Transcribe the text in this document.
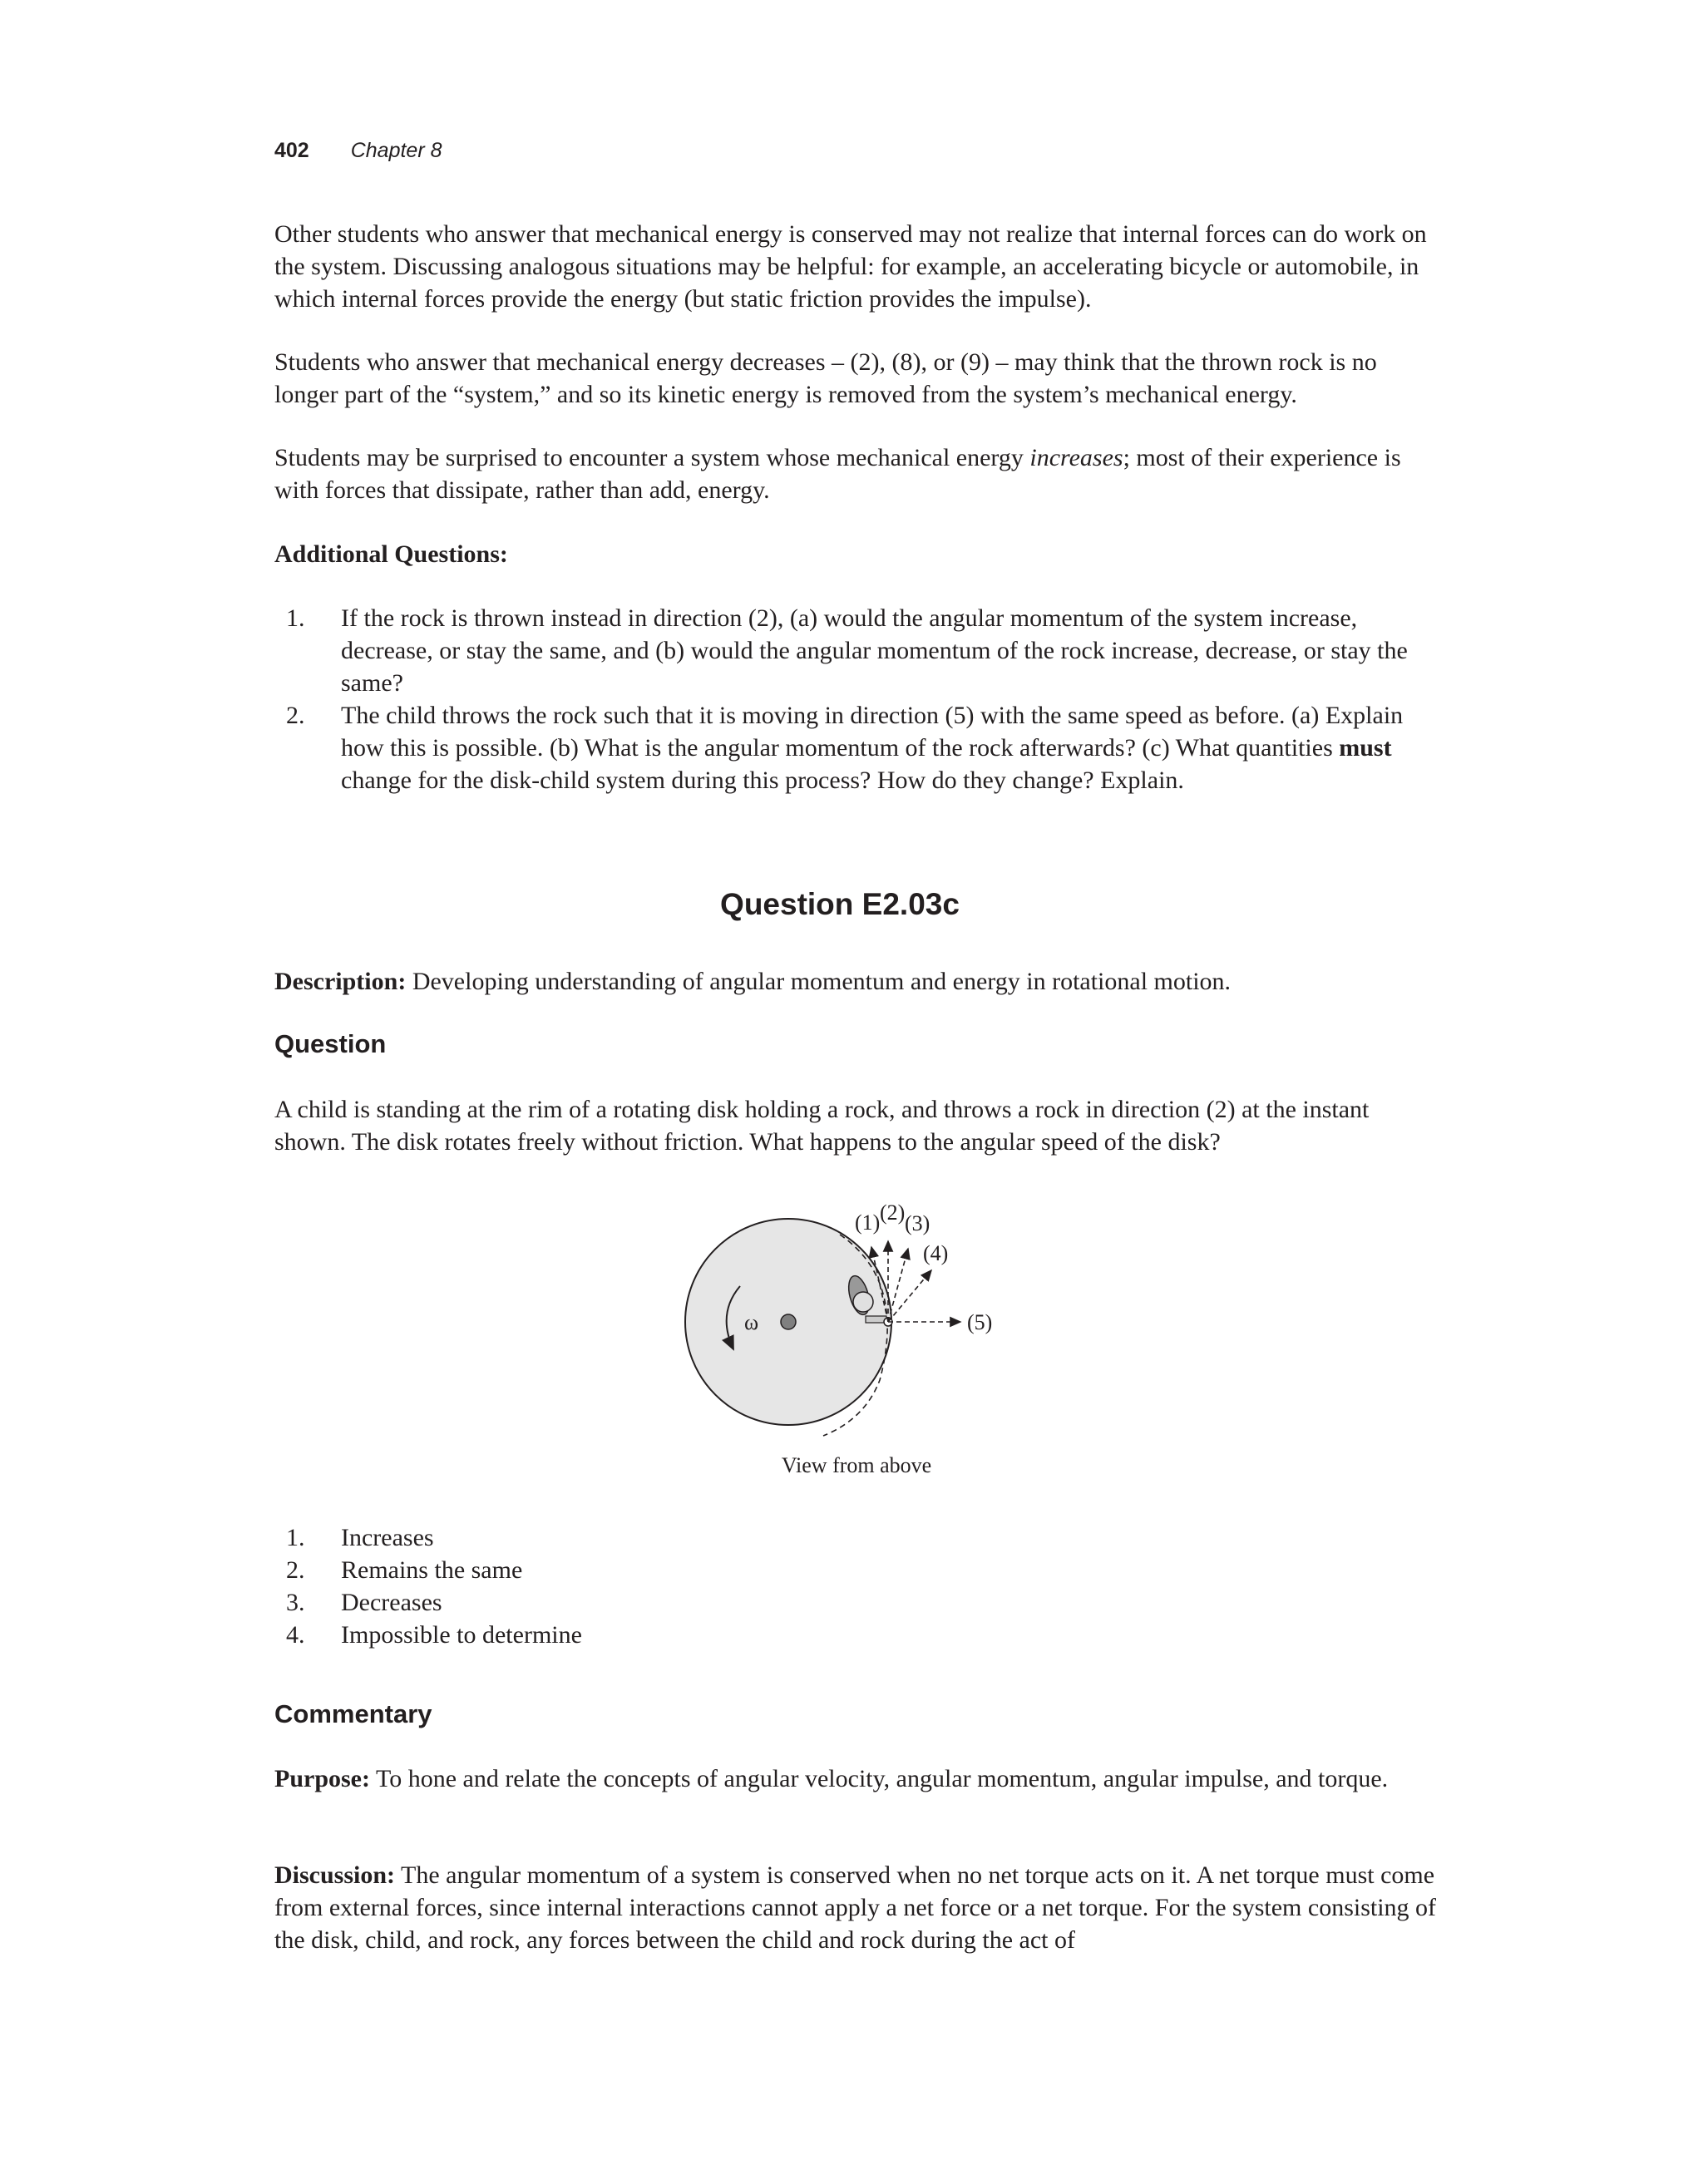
402 Chapter 8

Other students who answer that mechanical energy is conserved may not realize that internal forces can do work on the system. Discussing analogous situations may be helpful: for example, an accelerating bicycle or automobile, in which internal forces provide the energy (but static friction provides the impulse).

Students who answer that mechanical energy decreases – (2), (8), or (9) – may think that the thrown rock is no longer part of the “system,” and so its kinetic energy is removed from the system’s mechanical energy.

Students may be surprised to encounter a system whose mechanical energy increases; most of their experience is with forces that dissipate, rather than add, energy.

Additional Questions:

1. If the rock is thrown instead in direction (2), (a) would the angular momentum of the system increase, decrease, or stay the same, and (b) would the angular momentum of the rock increase, decrease, or stay the same?
2. The child throws the rock such that it is moving in direction (5) with the same speed as before. (a) Explain how this is possible. (b) What is the angular momentum of the rock afterwards? (c) What quantities must change for the disk-child system during this process? How do they change? Explain.
Question E2.03c

Description: Developing understanding of angular momentum and energy in rotational motion.

Question

A child is standing at the rim of a rotating disk holding a rock, and throws a rock in direction (2) at the instant shown. The disk rotates freely without friction. What happens to the angular speed of the disk?

ω
(1) (2) (3)
(4)
(5)
View from above
1. Increases
2. Remains the same
3. Decreases
4. Impossible to determine
Commentary

Purpose: To hone and relate the concepts of angular velocity, angular momentum, angular impulse, and torque.

Discussion: The angular momentum of a system is conserved when no net torque acts on it. A net torque must come from external forces, since internal interactions cannot apply a net force or a net torque. For the system consisting of the disk, child, and rock, any forces between the child and rock during the act of
